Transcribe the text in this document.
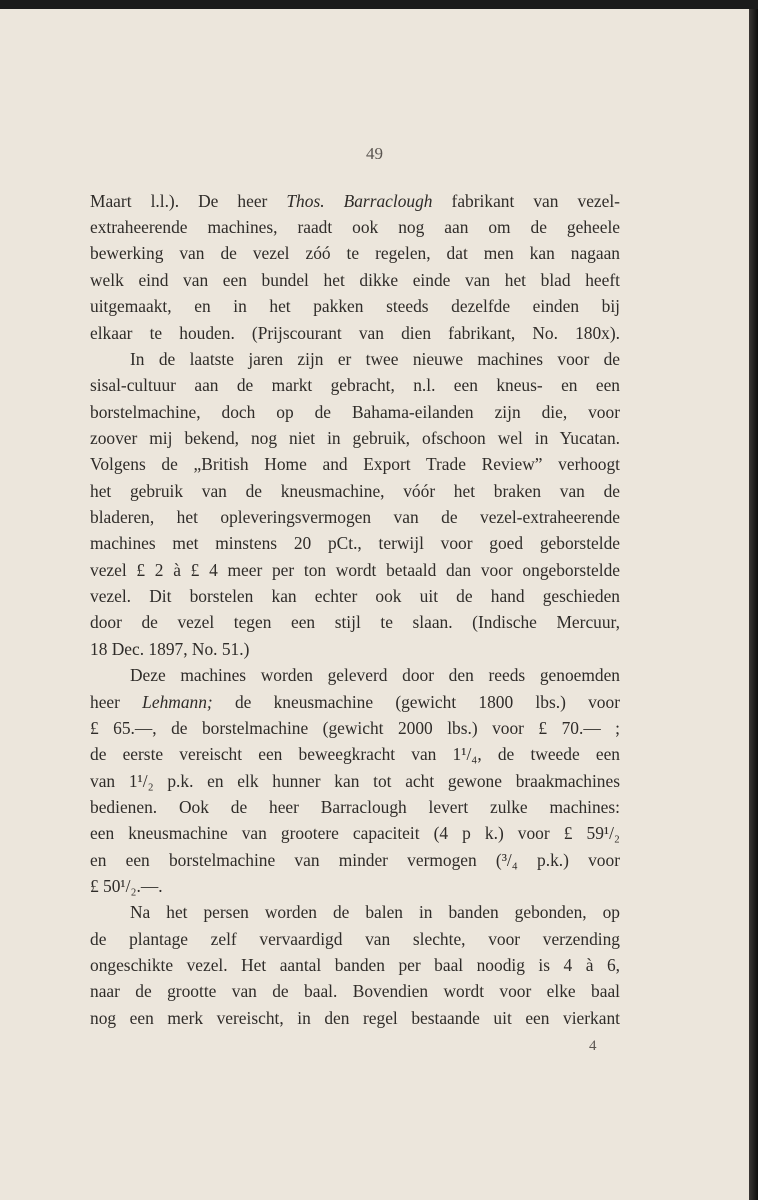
49
Maart l.l.). De heer Thos. Barraclough fabrikant van vezel-
extraheerende machines, raadt ook nog aan om de geheele
bewerking van de vezel zóó te regelen, dat men kan nagaan
welk eind van een bundel het dikke einde van het blad heeft
uitgemaakt, en in het pakken steeds dezelfde einden bij
elkaar te houden. (Prijscourant van dien fabrikant, No. 180x).
In de laatste jaren zijn er twee nieuwe machines voor de
sisal-cultuur aan de markt gebracht, n.l. een kneus- en een
borstelmachine, doch op de Bahama-eilanden zijn die, voor
zoover mij bekend, nog niet in gebruik, ofschoon wel in Yucatan.
Volgens de „British Home and Export Trade Review” verhoogt
het gebruik van de kneusmachine, vóór het braken van de
bladeren, het opleveringsvermogen van de vezel-extraheerende
machines met minstens 20 pCt., terwijl voor goed geborstelde
vezel £ 2 à £ 4 meer per ton wordt betaald dan voor ongeborstelde
vezel. Dit borstelen kan echter ook uit de hand geschieden
door de vezel tegen een stijl te slaan. (Indische Mercuur,
18 Dec. 1897, No. 51.)
Deze machines worden geleverd door den reeds genoemden
heer Lehmann; de kneusmachine (gewicht 1800 lbs.) voor
£ 65.—, de borstelmachine (gewicht 2000 lbs.) voor £ 70.— ;
de eerste vereischt een beweegkracht van 1¹/₄, de tweede een
van 1¹/₂ p.k. en elk hunner kan tot acht gewone braakmachines
bedienen. Ook de heer Barraclough levert zulke machines:
een kneusmachine van grootere capaciteit (4 p k.) voor £ 59¹/₂
en een borstelmachine van minder vermogen (³/₄ p.k.) voor
£ 50¹/₂.—.
Na het persen worden de balen in banden gebonden, op
de plantage zelf vervaardigd van slechte, voor verzending
ongeschikte vezel. Het aantal banden per baal noodig is 4 à 6,
naar de grootte van de baal. Bovendien wordt voor elke baal
nog een merk vereischt, in den regel bestaande uit een vierkant
4
